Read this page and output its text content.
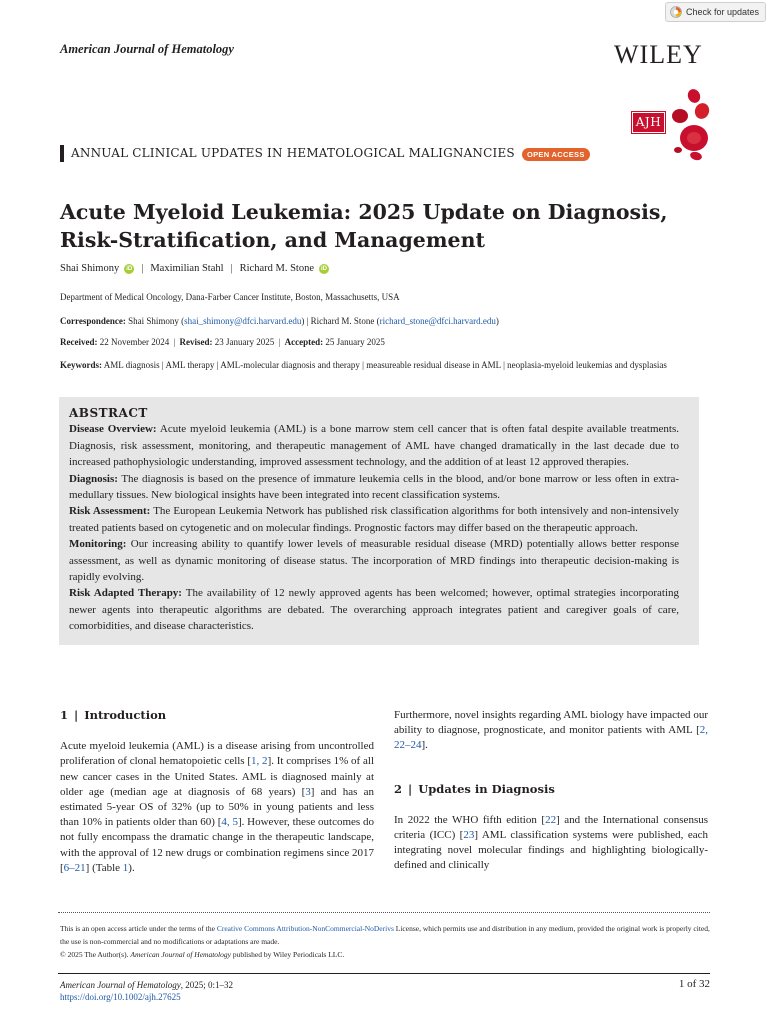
Check for updates
American Journal of Hematology	WILEY
AJH
ANNUAL CLINICAL UPDATES IN HEMATOLOGICAL MALIGNANCIES	OPEN ACCESS
Acute Myeloid Leukemia: 2025 Update on Diagnosis, Risk-Stratification, and Management
Shai Shimony	iD | Maximilian Stahl | Richard M. Stone	iD
Department of Medical Oncology, Dana-Farber Cancer Institute, Boston, Massachusetts, USA
Correspondence: Shai Shimony (shai_shimony@dfci.harvard.edu) | Richard M. Stone (richard_stone@dfci.harvard.edu)
Received: 22 November 2024 | Revised: 23 January 2025 | Accepted: 25 January 2025
Keywords: AML diagnosis | AML therapy | AML-molecular diagnosis and therapy | measureable residual disease in AML | neoplasia-myeloid leukemias and dysplasias
ABSTRACT

Disease Overview: Acute myeloid leukemia (AML) is a bone marrow stem cell cancer that is often fatal despite available treatments. Diagnosis, risk assessment, monitoring, and therapeutic management of AML have changed dramatically in the last decade due to increased pathophysiologic understanding, improved assessment technology, and the addition of at least 12 approved therapies.

Diagnosis: The diagnosis is based on the presence of immature leukemia cells in the blood, and/or bone marrow or less often in extra-medullary tissues. New biological insights have been integrated into recent classification systems.

Risk Assessment: The European Leukemia Network has published risk classification algorithms for both intensively and non-intensively treated patients based on cytogenetic and on molecular findings. Prognostic factors may differ based on the therapeutic approach.

Monitoring: Our increasing ability to quantify lower levels of measurable residual disease (MRD) potentially allows better response assessment, as well as dynamic monitoring of disease status. The incorporation of MRD findings into therapeutic decision-making is rapidly evolving.

Risk Adapted Therapy: The availability of 12 newly approved agents has been welcomed; however, optimal strategies incorporating newer agents into therapeutic algorithms are debated. The overarching approach integrates patient and caregiver goals of care, comorbidities, and disease characteristics.

1 | Introduction

Acute myeloid leukemia (AML) is a disease arising from uncontrolled proliferation of clonal hematopoietic cells [1, 2]. It comprises 1% of all new cancer cases in the United States. AML is diagnosed mainly at older age (median age at diagnosis of 68 years) [3] and has an estimated 5-year OS of 32% (up to 50% in young patients and less than 10% in patients older than 60) [4, 5]. However, these outcomes do not fully encompass the dramatic change in the therapeutic landscape, with the approval of 12 new drugs or combination regimens since 2017 [6–21] (Table 1).

Furthermore, novel insights regarding AML biology have impacted our ability to diagnose, prognosticate, and monitor patients with AML [2, 22–24].

2 | Updates in Diagnosis

In 2022 the WHO fifth edition [22] and the International consensus criteria (ICC) [23] AML classification systems were published, each integrating novel molecular findings and highlighting biologically-defined and clinically

This is an open access article under the terms of the Creative Commons Attribution-NonCommercial-NoDerivs License, which permits use and distribution in any medium, provided the original work is properly cited, the use is non-commercial and no modifications or adaptations are made.
© 2025 The Author(s). American Journal of Hematology published by Wiley Periodicals LLC.
American Journal of Hematology, 2025; 0:1–32
https://doi.org/10.1002/ajh.27625
1 of 32
